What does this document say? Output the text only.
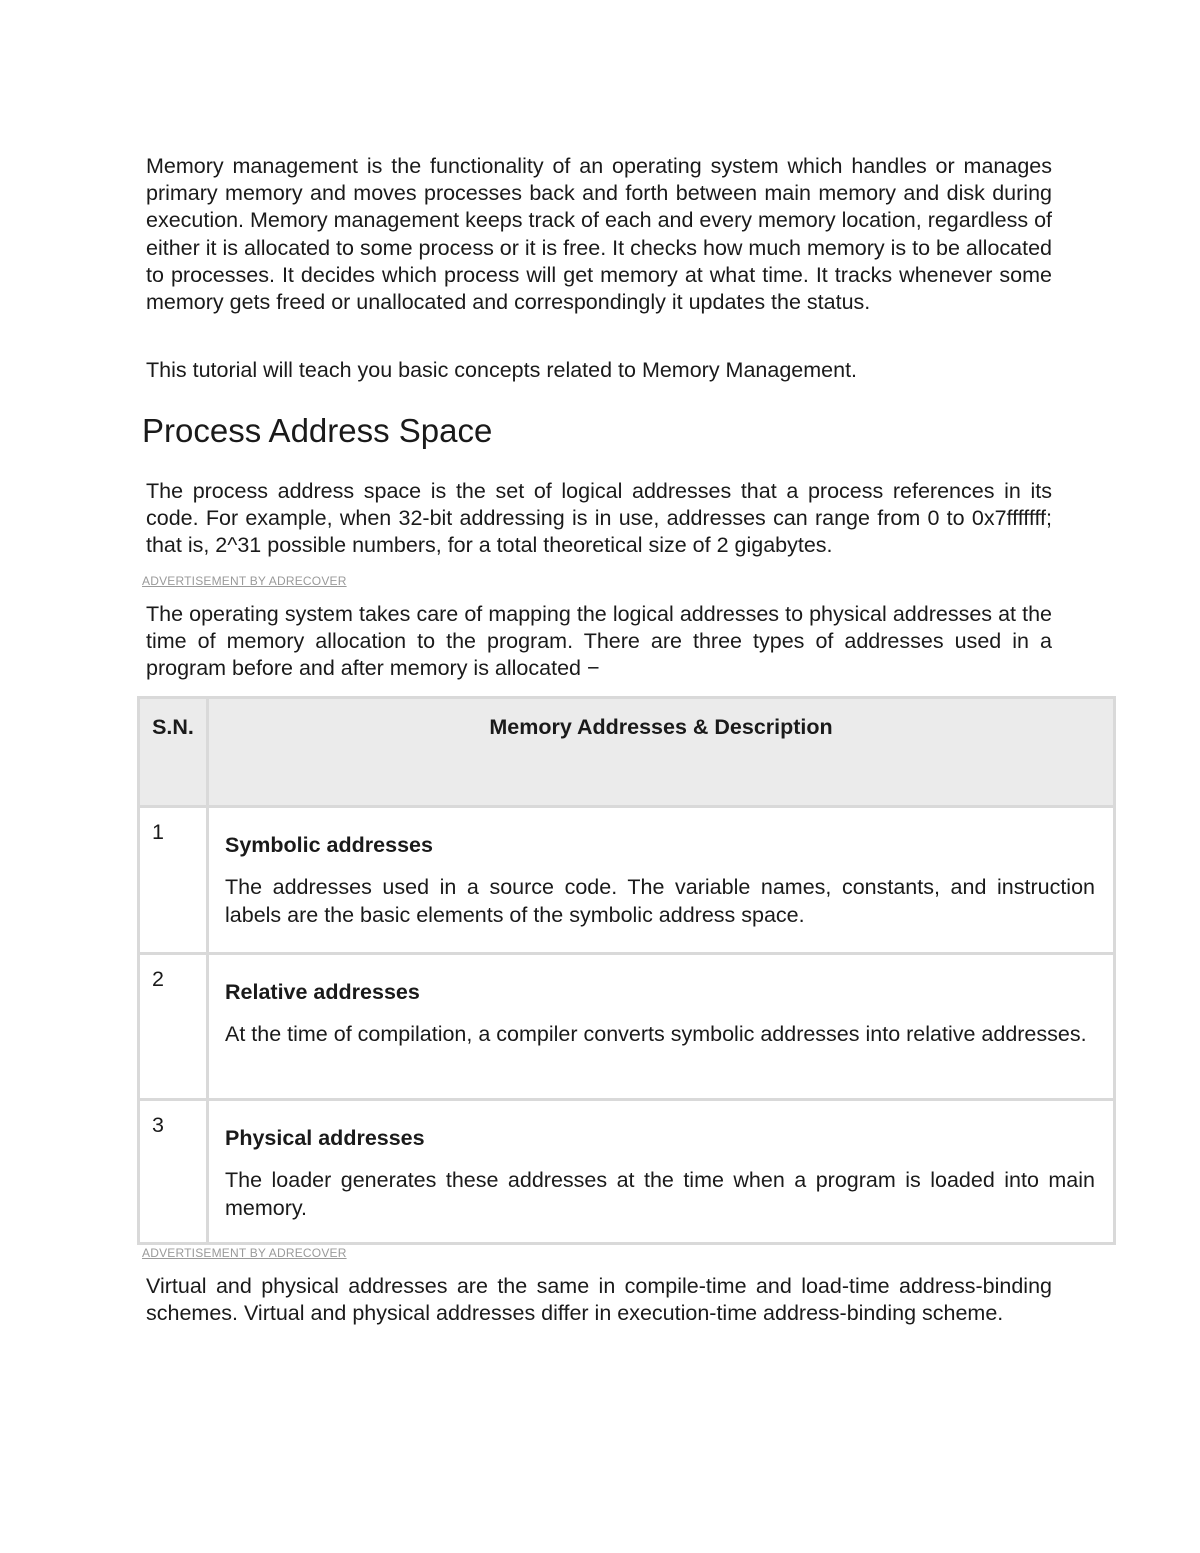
Memory management is the functionality of an operating system which handles or manages primary memory and moves processes back and forth between main memory and disk during execution. Memory management keeps track of each and every memory location, regardless of either it is allocated to some process or it is free. It checks how much memory is to be allocated to processes. It decides which process will get memory at what time. It tracks whenever some memory gets freed or unallocated and correspondingly it updates the status.

This tutorial will teach you basic concepts related to Memory Management.

Process Address Space

The process address space is the set of logical addresses that a process references in its code. For example, when 32-bit addressing is in use, addresses can range from 0 to 0x7fffffff; that is, 2^31 possible numbers, for a total theoretical size of 2 gigabytes.

ADVERTISEMENT BY ADRECOVER

The operating system takes care of mapping the logical addresses to physical addresses at the time of memory allocation to the program. There are three types of addresses used in a program before and after memory is allocated −

S.N.	Memory Addresses & Description
1

Symbolic addresses

The addresses used in a source code. The variable names, constants, and instruction labels are the basic elements of the symbolic address space.

2

Relative addresses

At the time of compilation, a compiler converts symbolic addresses into relative addresses.

3

Physical addresses

The loader generates these addresses at the time when a program is loaded into main memory.

ADVERTISEMENT BY ADRECOVER

Virtual and physical addresses are the same in compile-time and load-time address-binding schemes. Virtual and physical addresses differ in execution-time address-binding scheme.
